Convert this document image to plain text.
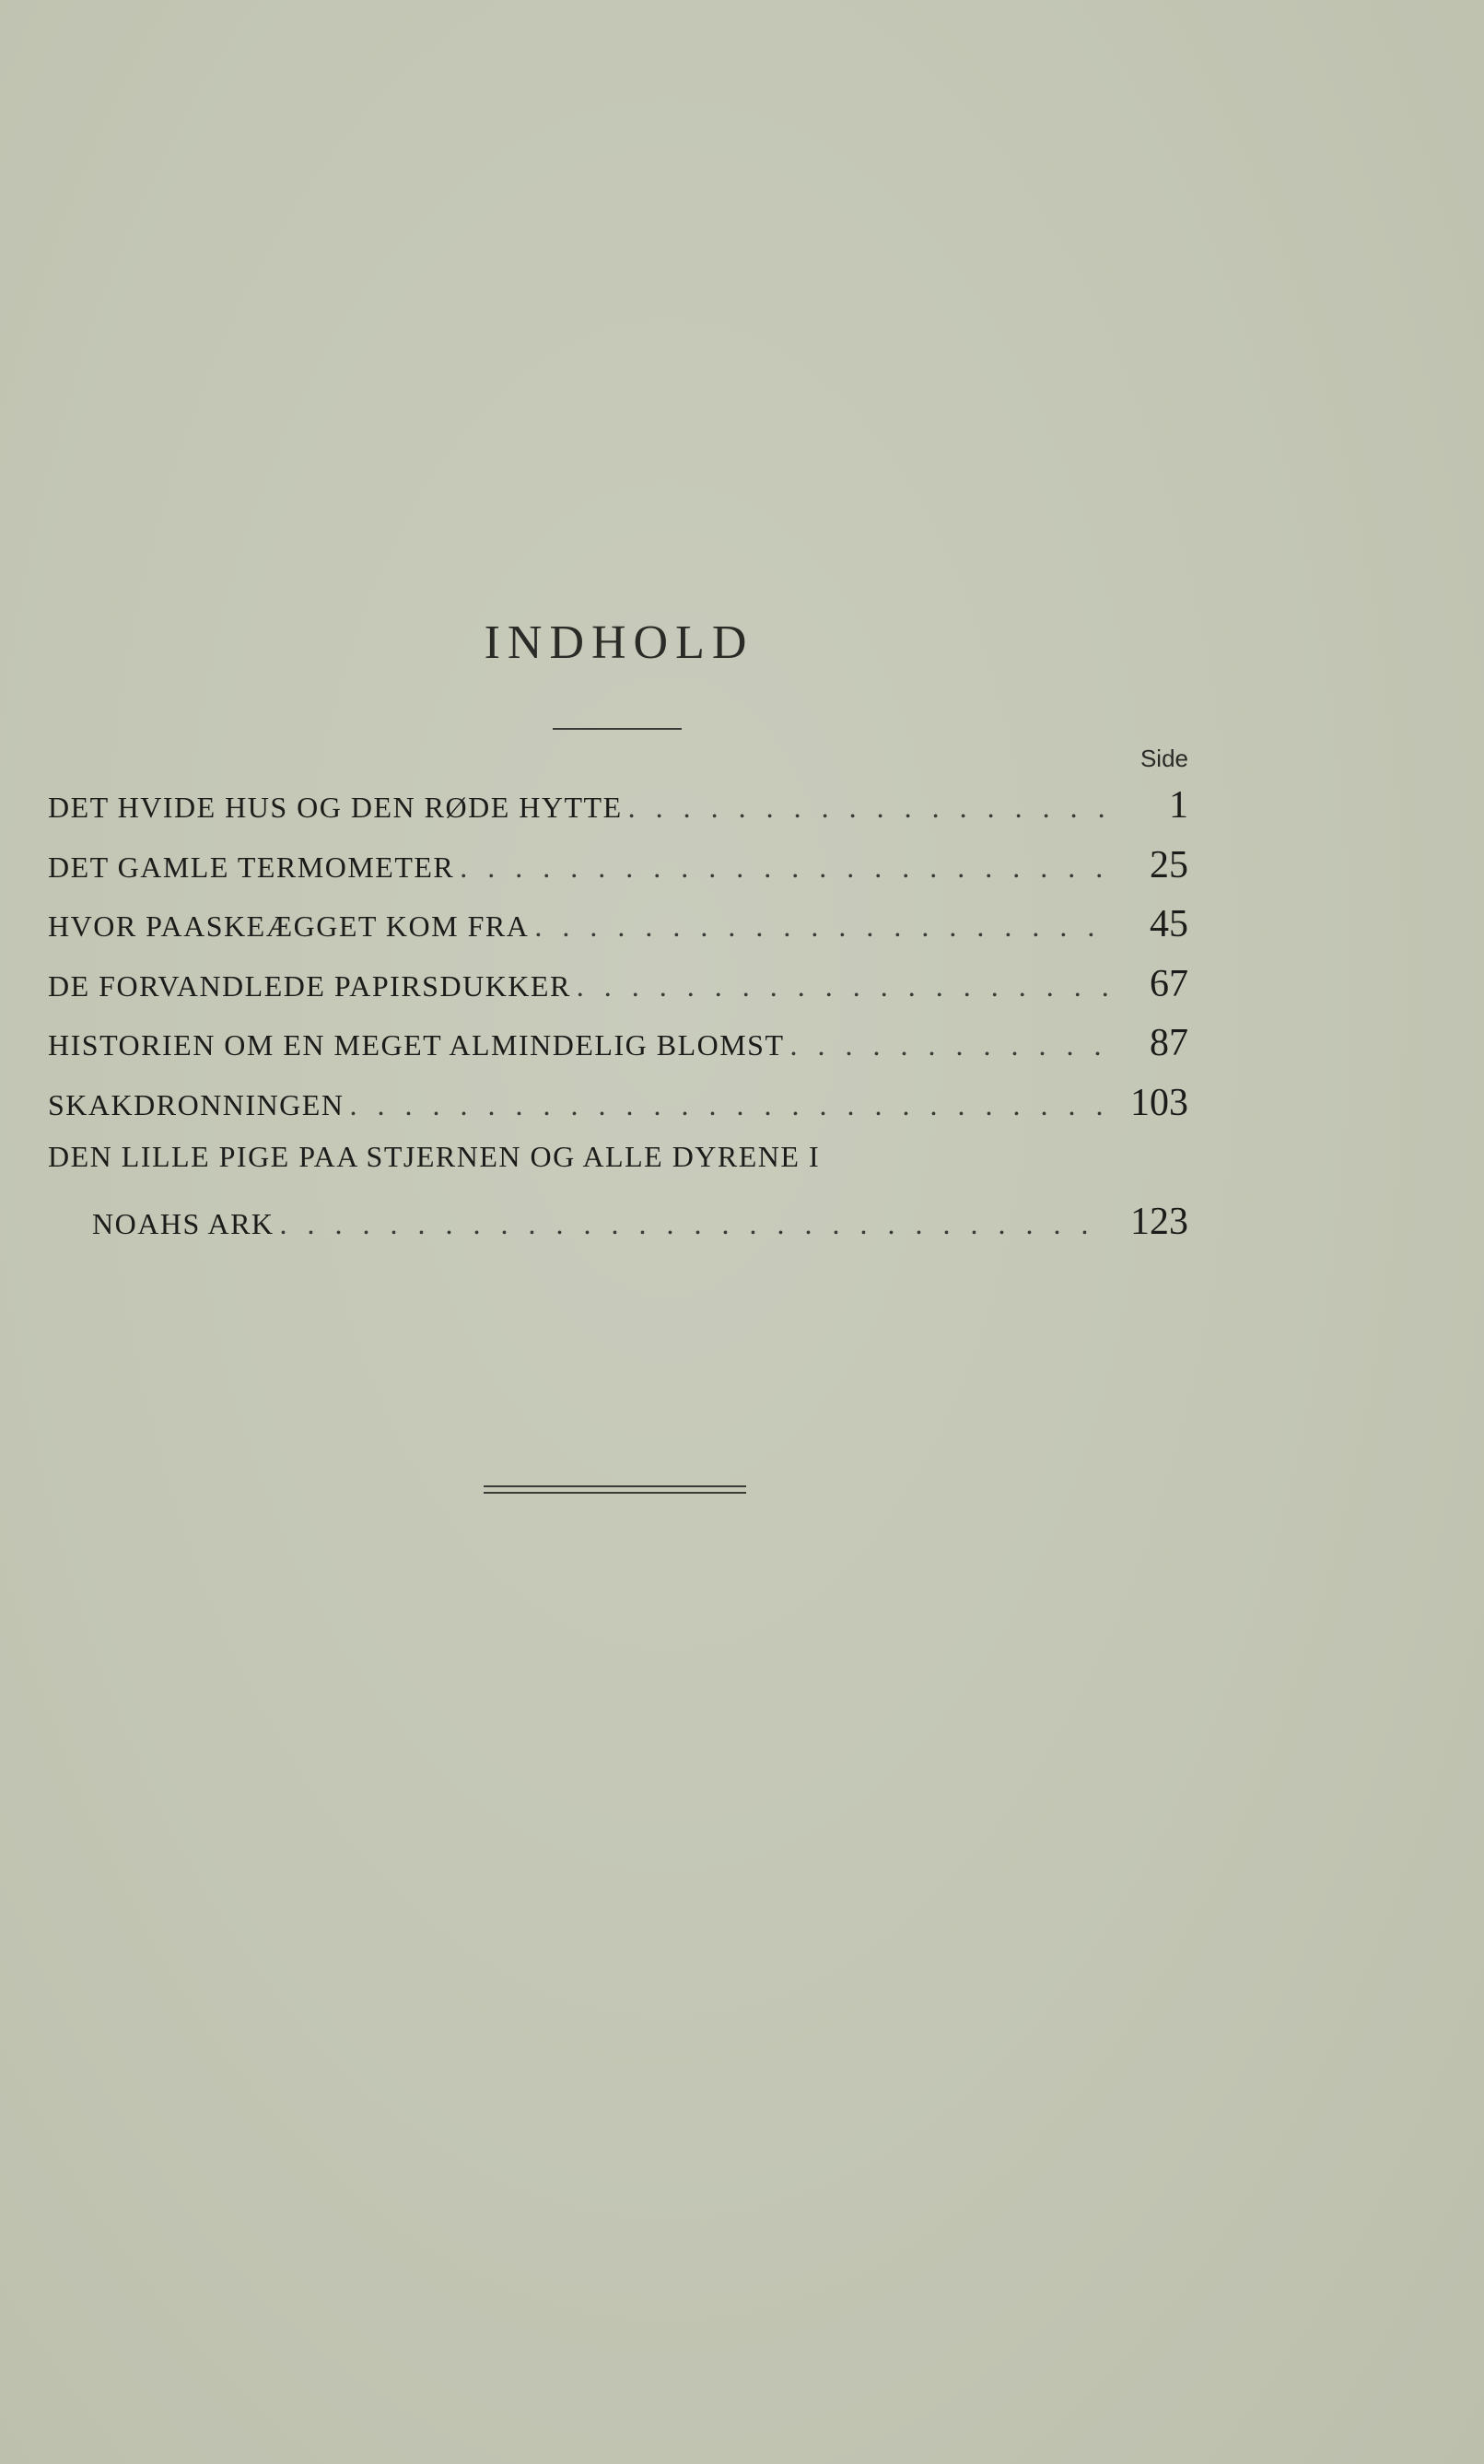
INDHOLD
Side
DET HVIDE HUS OG DEN RØDE HYTTE . . .	1
DET GAMLE TERMOMETER . . .	25
HVOR PAASKEÆGGET KOM FRA . . .	45
DE FORVANDLEDE PAPIRSDUKKER . . .	67
HISTORIEN OM EN MEGET ALMINDELIG BLOMST . . .	87
SKAKDRONNINGEN . . .	103
DEN LILLE PIGE PAA STJERNEN OG ALLE DYRENE I
NOAHS ARK . . .	123
